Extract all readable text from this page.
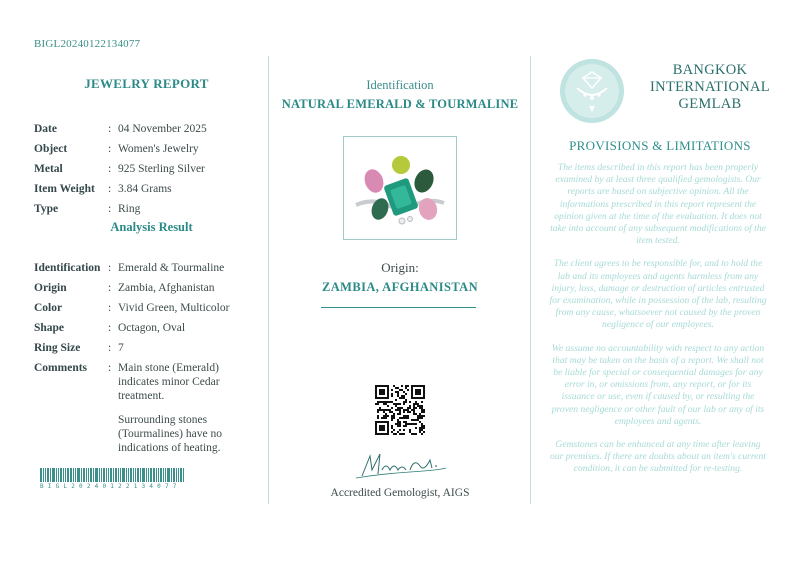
BIGL20240122134077
JEWELRY REPORT
Date	: 04 November 2025
Object	: Women's Jewelry
Metal	: 925 Sterling Silver
Item Weight	: 3.84 Grams
Type	: Ring
Analysis Result
Identification : Emerald & Tourmaline
Origin	: Zambia, Afghanistan
Color	: Vivid Green, Multicolor
Shape	: Octagon, Oval
Ring Size	: 7
Comments	: Main stone (Emerald) indicates minor Cedar treatment.

Surrounding stones (Tourmalines) have no indications of heating.

BIGL20240122134077
Identification
NATURAL EMERALD & TOURMALINE
Origin:
ZAMBIA, AFGHANISTAN
Accredited Gemologist, AIGS
BANGKOK
INTERNATIONAL
GEMLAB
PROVISIONS & LIMITATIONS

The items described in this report has been properly examined by at least three qualified gemologists. Our reports are based on subjective opinion. All the informations prescribed in this report represent the opinion given at the time of the evaluation. It does not take into account of any subsequent modifications of the item tested.

The client agrees to be responsible for, and to hold the lab and its employees and agents harmless from any injury, loss, damage or destruction of articles entrusted for examination, while in possession of the lab, resulting from any cause, whatsoever not caused by the proven negligence of our employees.

We assume no accountability with respect to any action that may be taken on the basis of a report. We shall not be liable for special or consequential damages for any error in, or omissions from, any report, or for its issuance or use, even if caused by, or resulting the proven negligence or other fault of our lab or any of its employees and agents.

Gemstones can be enhanced at any time after leaving our premises. If there are doubts about an item's current condition, it can be submitted for re-testing.
